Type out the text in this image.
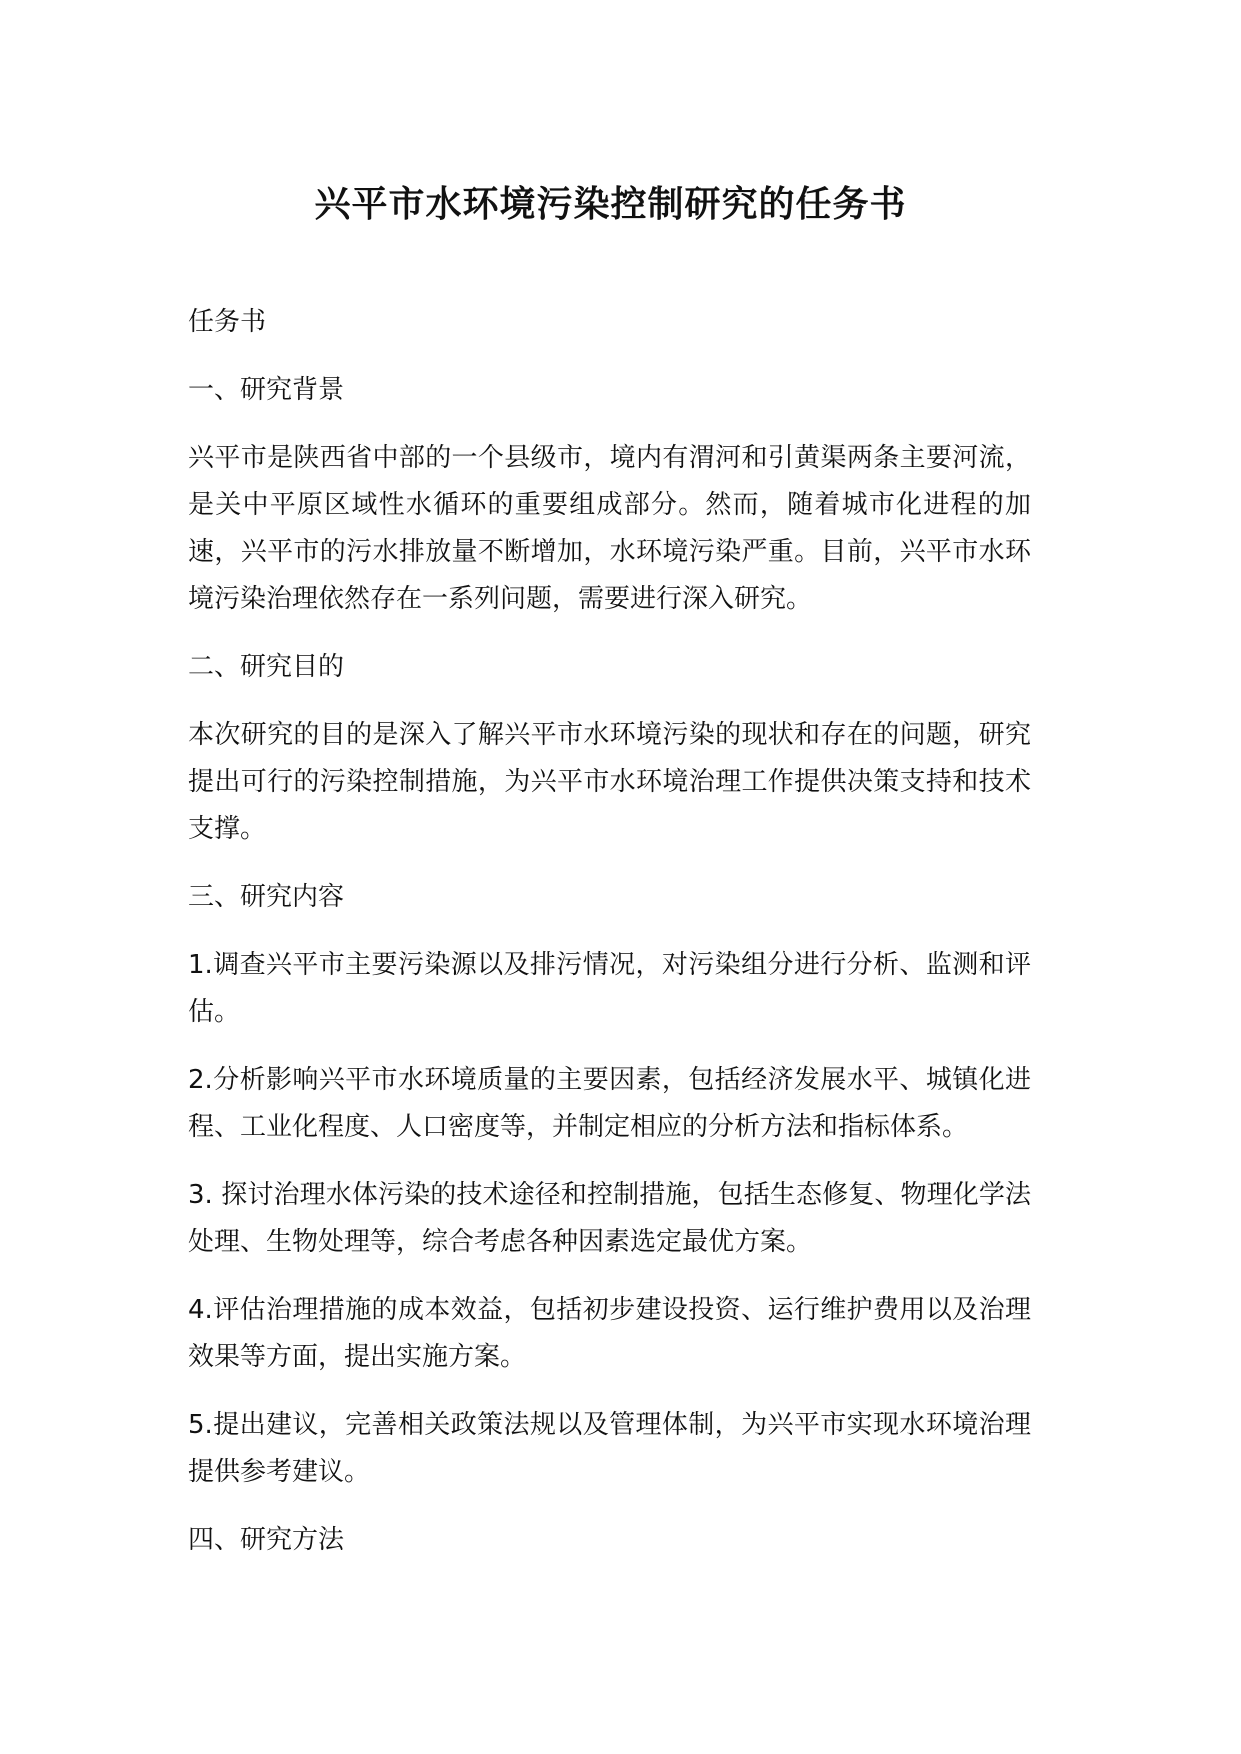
兴平市水环境污染控制研究的任务书

任务书

一、研究背景

兴平市是陕西省中部的一个县级市，境内有渭河和引黄渠两条主要河流，是关中平原区域性水循环的重要组成部分。然而，随着城市化进程的加速，兴平市的污水排放量不断增加，水环境污染严重。目前，兴平市水环境污染治理依然存在一系列问题，需要进行深入研究。

二、研究目的

本次研究的目的是深入了解兴平市水环境污染的现状和存在的问题，研究提出可行的污染控制措施，为兴平市水环境治理工作提供决策支持和技术支撑。

三、研究内容

1.调查兴平市主要污染源以及排污情况，对污染组分进行分析、监测和评估。

2.分析影响兴平市水环境质量的主要因素，包括经济发展水平、城镇化进程、工业化程度、人口密度等，并制定相应的分析方法和指标体系。

3. 探讨治理水体污染的技术途径和控制措施，包括生态修复、物理化学法处理、生物处理等，综合考虑各种因素选定最优方案。

4.评估治理措施的成本效益，包括初步建设投资、运行维护费用以及治理效果等方面，提出实施方案。

5.提出建议，完善相关政策法规以及管理体制，为兴平市实现水环境治理提供参考建议。

四、研究方法
